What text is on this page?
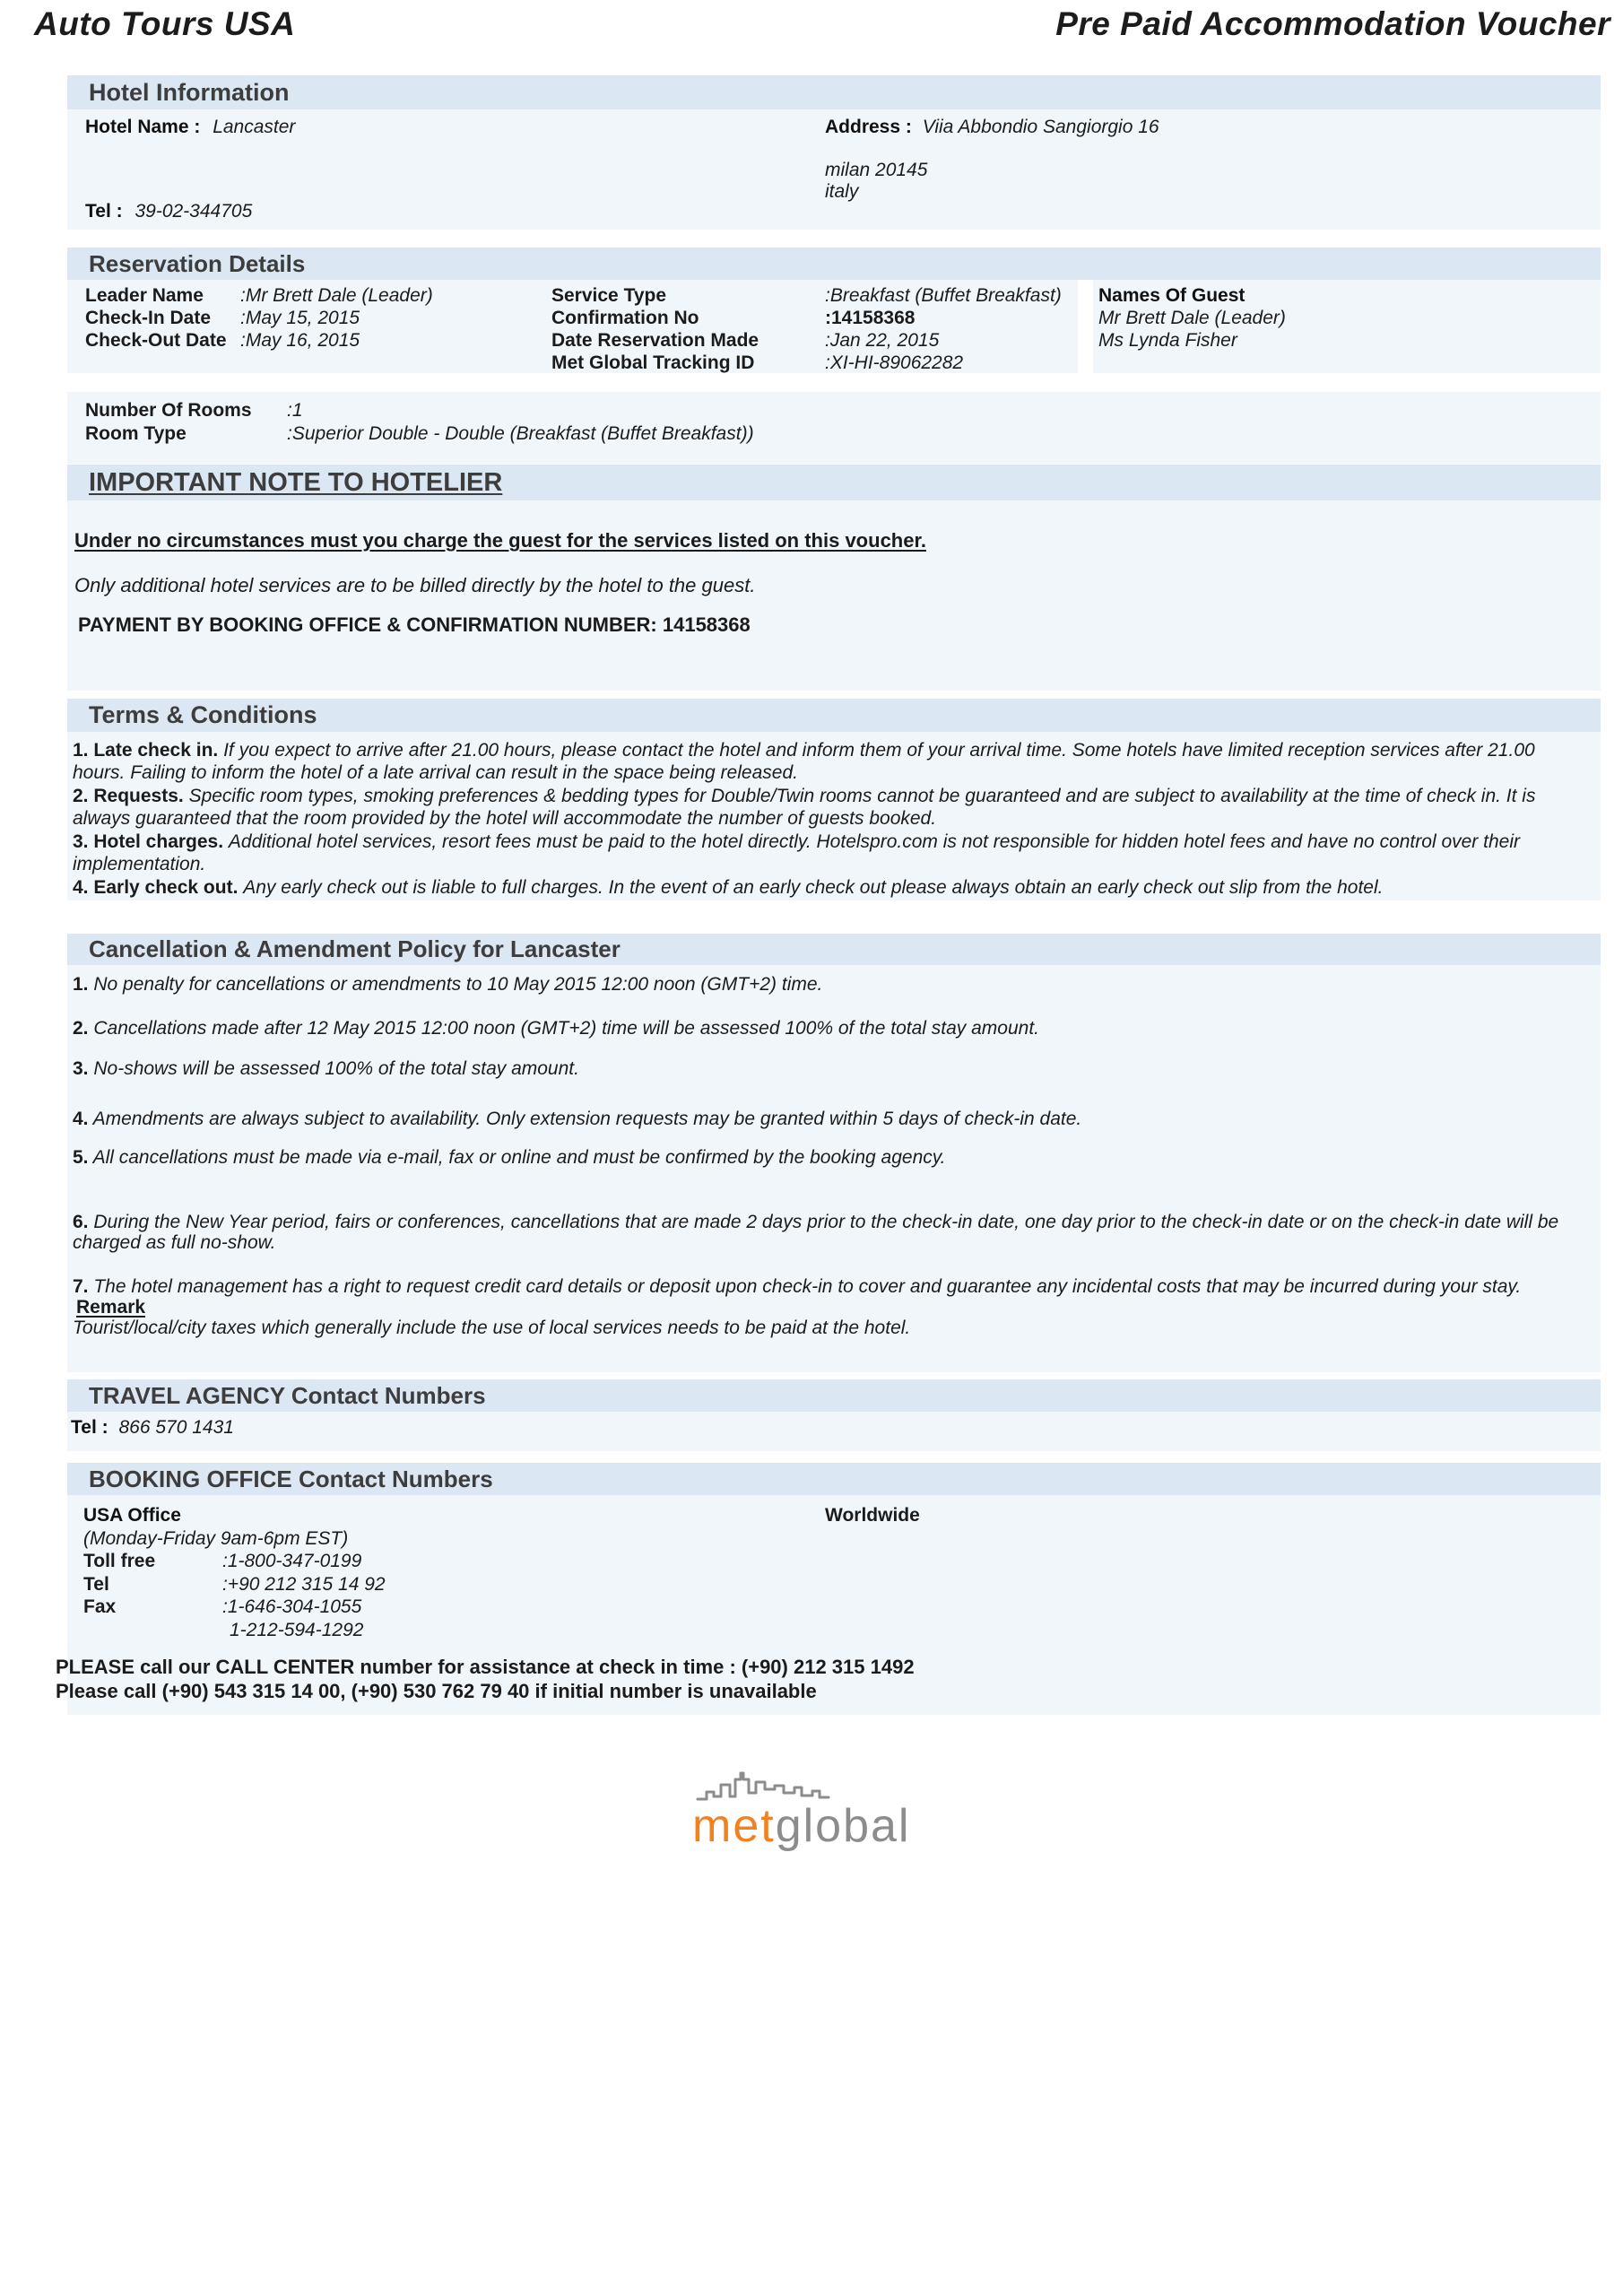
Auto Tours USA	Pre Paid Accommodation Voucher
Hotel Information
Hotel Name : Lancaster	Address : Viia Abbondio Sangiorgio 16
milan 20145
italy
Tel : 39-02-344705
Reservation Details
Leader Name :Mr Brett Dale (Leader)
Check-In Date :May 15, 2015
Check-Out Date :May 16, 2015
Service Type	:Breakfast (Buffet Breakfast)
Confirmation No	:14158368
Date Reservation Made	:Jan 22, 2015
Met Global Tracking ID	:XI-HI-89062282
Names Of Guest
Mr Brett Dale (Leader)
Ms Lynda Fisher
Number Of Rooms :1
Room Type	:Superior Double - Double (Breakfast (Buffet Breakfast))
IMPORTANT NOTE TO HOTELIER
Under no circumstances must you charge the guest for the services listed on this voucher.
Only additional hotel services are to be billed directly by the hotel to the guest.
PAYMENT BY BOOKING OFFICE & CONFIRMATION NUMBER: 14158368
Terms & Conditions
1. Late check in. If you expect to arrive after 21.00 hours, please contact the hotel and inform them of your arrival time. Some hotels have limited reception services after 21.00 hours. Failing to inform the hotel of a late arrival can result in the space being released.
2. Requests. Specific room types, smoking preferences & bedding types for Double/Twin rooms cannot be guaranteed and are subject to availability at the time of check in. It is always guaranteed that the room provided by the hotel will accommodate the number of guests booked.
3. Hotel charges. Additional hotel services, resort fees must be paid to the hotel directly. Hotelspro.com is not responsible for hidden hotel fees and have no control over their implementation.
4. Early check out. Any early check out is liable to full charges. In the event of an early check out please always obtain an early check out slip from the hotel.
Cancellation & Amendment Policy for Lancaster
1. No penalty for cancellations or amendments to 10 May 2015 12:00 noon (GMT+2) time.
2. Cancellations made after 12 May 2015 12:00 noon (GMT+2) time will be assessed 100% of the total stay amount.
3. No-shows will be assessed 100% of the total stay amount.
4. Amendments are always subject to availability. Only extension requests may be granted within 5 days of check-in date.
5. All cancellations must be made via e-mail, fax or online and must be confirmed by the booking agency.
6. During the New Year period, fairs or conferences, cancellations that are made 2 days prior to the check-in date, one day prior to the check-in date or on the check-in date will be charged as full no-show.
7. The hotel management has a right to request credit card details or deposit upon check-in to cover and guarantee any incidental costs that may be incurred during your stay.
Remark
Tourist/local/city taxes which generally include the use of local services needs to be paid at the hotel.
TRAVEL AGENCY Contact Numbers
Tel : 866 570 1431
BOOKING OFFICE Contact Numbers
Worldwide
USA Office
(Monday-Friday 9am-6pm EST)
Toll free	:1-800-347-0199
Tel	:+90 212 315 14 92
Fax	:1-646-304-1055
1-212-594-1292
PLEASE call our CALL CENTER number for assistance at check in time : (+90) 212 315 1492
Please call (+90) 543 315 14 00, (+90) 530 762 79 40 if initial number is unavailable
metglobal
